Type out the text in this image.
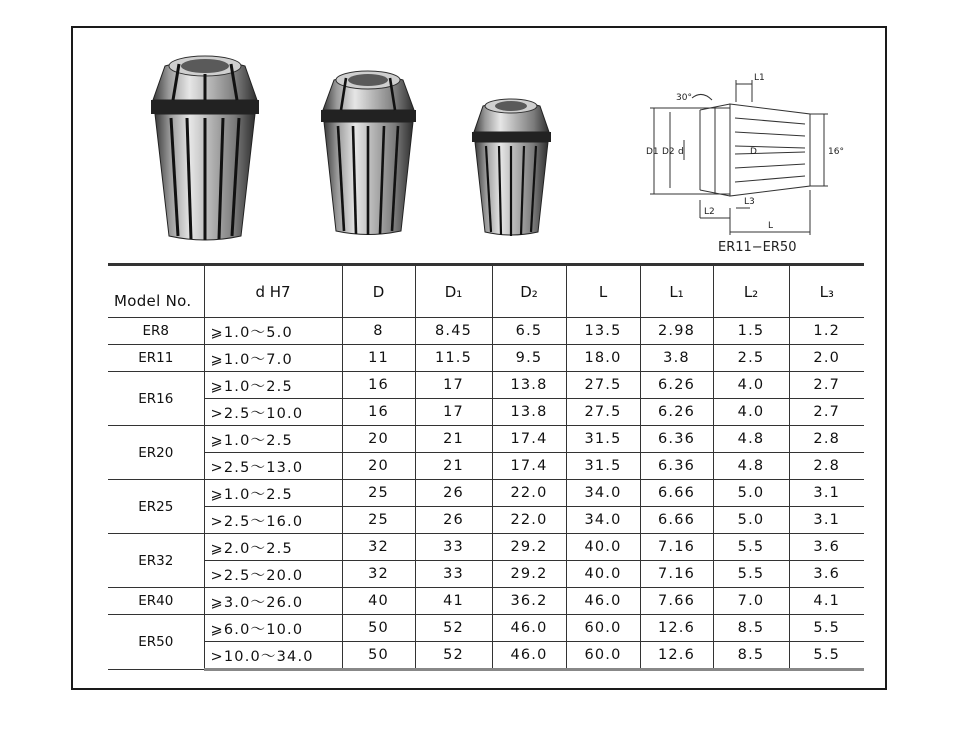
30°
16°
L1
L2
L3
L
D1 D2 d	D
ER11−ER50
Model No.	d H7	D	D₁	D₂	L	L₁	L₂	L₃
ER8	⩾1.0～5.0	8	8.45	6.5	13.5	2.98	1.5	1.2
ER11	⩾1.0～7.0	11	11.5	9.5	18.0	3.8	2.5	2.0
ER16	⩾1.0～2.5	16	17	13.8	27.5	6.26	4.0	2.7
	>2.5～10.0	16	17	13.8	27.5	6.26	4.0	2.7
ER20	⩾1.0～2.5	20	21	17.4	31.5	6.36	4.8	2.8
	>2.5～13.0	20	21	17.4	31.5	6.36	4.8	2.8
ER25	⩾1.0～2.5	25	26	22.0	34.0	6.66	5.0	3.1
	>2.5～16.0	25	26	22.0	34.0	6.66	5.0	3.1
ER32	⩾2.0～2.5	32	33	29.2	40.0	7.16	5.5	3.6
	>2.5～20.0	32	33	29.2	40.0	7.16	5.5	3.6
ER40	⩾3.0～26.0	40	41	36.2	46.0	7.66	7.0	4.1
ER50	⩾6.0～10.0	50	52	46.0	60.0	12.6	8.5	5.5
	>10.0～34.0	50	52	46.0	60.0	12.6	8.5	5.5
